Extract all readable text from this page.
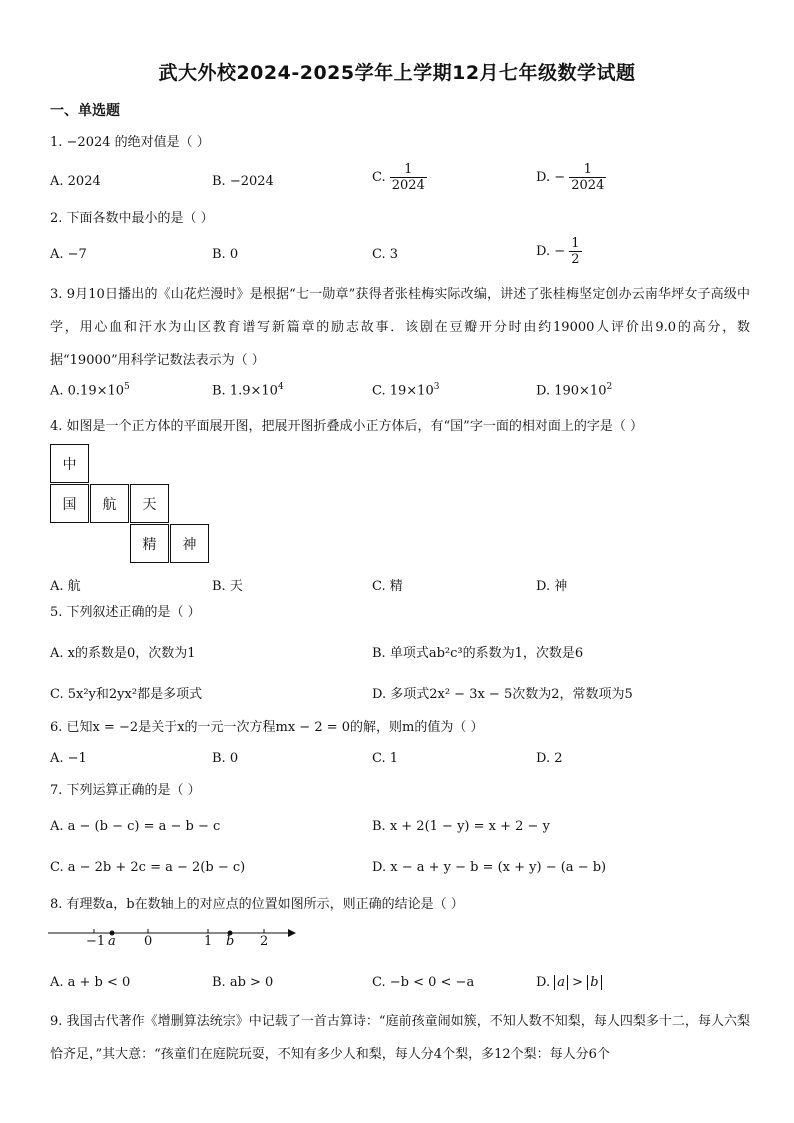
武大外校2024-2025学年上学期12月七年级数学试题
一、单选题
1. −2024 的绝对值是（ ）
A. 2024	B. −2024	C. $\frac{1}{2024}$	D. − $\frac{1}{2024}$
2. 下面各数中最小的是（ ）
A. −7	B. 0	C. 3	D. − $\frac{1}{2}$
3. 9月10日播出的《山花烂漫时》是根据“七一勋章”获得者张桂梅实际改编，讲述了张桂梅坚定创办云南华坪女子高级中学，用心血和汗水为山区教育谱写新篇章的励志故事．该剧在豆瓣开分时由约19000人评价出9.0的高分，数据“19000”用科学记数法表示为（ ）
A. $0.19\times 10^5$	B. $1.9\times 10^4$	C. $19\times 10^3$	D. $190\times 10^2$
4. 如图是一个正方体的平面展开图，把展开图折叠成小正方体后，有“国”字一面的相对面上的字是（ ）
中
国	航	天
精	神
A. 航	B. 天	C. 精	D. 神
5. 下列叙述正确的是（ ）
A. x的系数是0，次数为1	B. 单项式ab²c³的系数为1，次数是6
C. 5x²y和2yx²都是多项式	D. 多项式2x² − 3x − 5次数为2，常数项为5
6. 已知x = −2是关于x的一元一次方程mx − 2 = 0的解，则m的值为（ ）
A. −1	B. 0	C. 1	D. 2
7. 下列运算正确的是（ ）
A. a − (b − c) = a − b − c	B. x + 2(1 − y) = x + 2 − y
C. a − 2b + 2c = a − 2(b − c)	D. x − a + y − b = (x + y) − (a − b)
8. 有理数a，b在数轴上的对应点的位置如图所示，则正确的结论是（ ）
−1 a 0	1 b 2
A. a + b < 0	B. ab > 0	C. −b < 0 < −a	D. a > b
9. 我国古代著作《增删算法统宗》中记载了一首古算诗：“庭前孩童闹如簇，不知人数不知梨，每人四梨多十二，每人六梨恰齐足，”其大意：“孩童们在庭院玩耍，不知有多少人和梨，每人分4个梨，多12个梨：每人分6个
